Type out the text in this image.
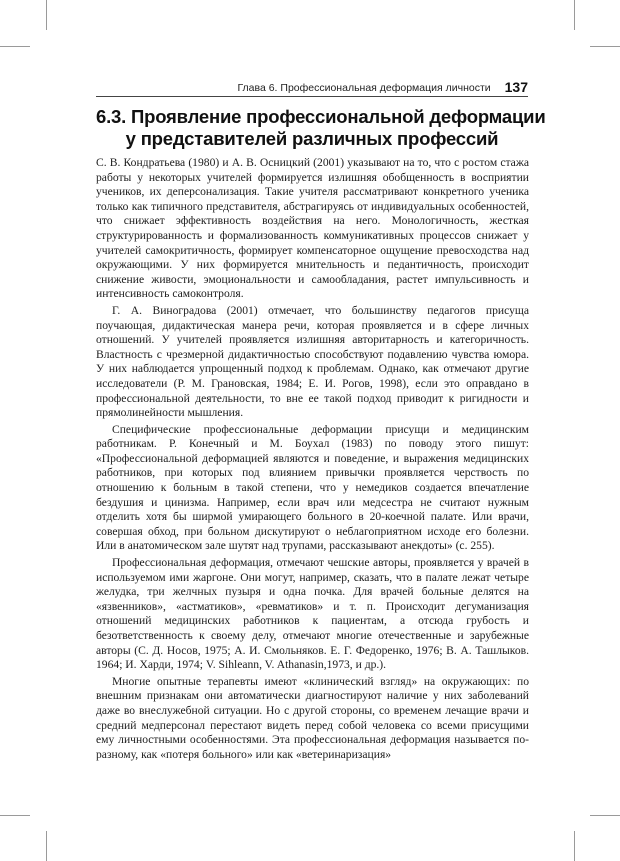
Глава 6. Профессиональная деформация личности 137
6.3. Проявление профессиональной деформации
у представителей различных профессий

С. В. Кондратьева (1980) и А. В. Осницкий (2001) указывают на то, что с ростом стажа работы у некоторых учителей формируется излишняя обобщенность в восприятии учеников, их деперсонализация. Такие учителя рассматривают конкретного ученика только как типичного представителя, абстрагируясь от индивидуальных особенностей, что снижает эффективность воздействия на него. Монологичность, жесткая структурированность и формализованность коммуникативных процессов снижает у учителей самокритичность, формирует компенсаторное ощущение превосходства над окружающими. У них формируется мнительность и педантичность, происходит снижение живости, эмоциональности и самообладания, растет импульсивность и интенсивность самоконтроля.

Г. А. Виноградова (2001) отмечает, что большинству педагогов присуща поучающая, дидактическая манера речи, которая проявляется и в сфере личных отношений. У учителей проявляется излишняя авторитарность и категоричность. Властность с чрезмерной дидактичностью способствуют подавлению чувства юмора. У них наблюдается упрощенный подход к проблемам. Однако, как отмечают другие исследователи (Р. М. Грановская, 1984; Е. И. Рогов, 1998), если это оправдано в профессиональной деятельности, то вне ее такой подход приводит к ригидности и прямолинейности мышления.

Специфические профессиональные деформации присущи и медицинским работникам. Р. Конечный и М. Боухал (1983) по поводу этого пишут: «Профессиональной деформацией являются и поведение, и выражения медицинских работников, при которых под влиянием привычки проявляется черствость по отношению к больным в такой степени, что у немедиков создается впечатление бездушия и цинизма. Например, если врач или медсестра не считают нужным отделить хотя бы ширмой умирающего больного в 20-коечной палате. Или врачи, совершая обход, при больном дискутируют о неблагоприятном исходе его болезни. Или в анатомическом зале шутят над трупами, рассказывают анекдоты» (с. 255).

Профессиональная деформация, отмечают чешские авторы, проявляется у врачей в используемом ими жаргоне. Они могут, например, сказать, что в палате лежат четыре желудка, три желчных пузыря и одна почка. Для врачей больные делятся на «язвенников», «астматиков», «ревматиков» и т. п. Происходит дегуманизация отношений медицинских работников к пациентам, а отсюда грубость и безответственность к своему делу, отмечают многие отечественные и зарубежные авторы (С. Д. Носов, 1975; А. И. Смольняков. Е. Г. Федоренко, 1976; В. А. Ташлыков. 1964; И. Харди, 1974; V. Sihleann, V. Athanasin,1973, и др.).

Многие опытные терапевты имеют «клинический взгляд» на окружающих: по внешним признакам они автоматически диагностируют наличие у них заболеваний даже во внеслужебной ситуации. Но с другой стороны, со временем лечащие врачи и средний медперсонал перестают видеть перед собой человека со всеми присущими ему личностными особенностями. Эта профессиональная деформация называется по-разному, как «потеря больного» или как «ветеринаризация»
